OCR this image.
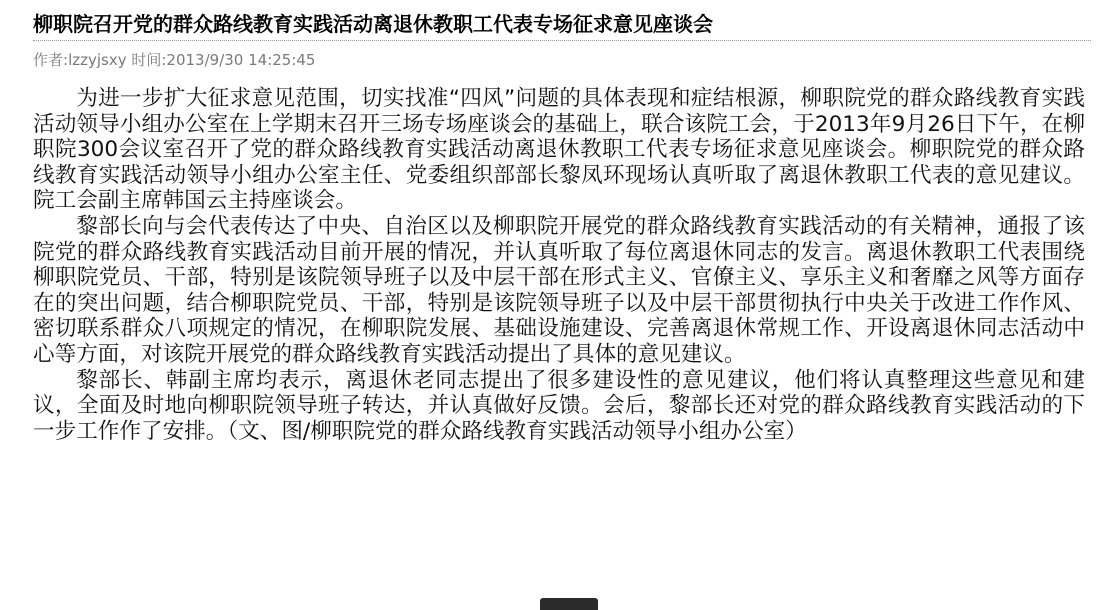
柳职院召开党的群众路线教育实践活动离退休教职工代表专场征求意见座谈会
作者:lzzyjsxy 时间:2013/9/30 14:25:45

为进一步扩大征求意见范围，切实找准“四风”问题的具体表现和症结根源，柳职院党的群众路线教育实践活动领导小组办公室在上学期末召开三场专场座谈会的基础上，联合该院工会，于2013年9月26日下午，在柳职院300会议室召开了党的群众路线教育实践活动离退休教职工代表专场征求意见座谈会。柳职院党的群众路线教育实践活动领导小组办公室主任、党委组织部部长黎凤环现场认真听取了离退休教职工代表的意见建议。院工会副主席韩国云主持座谈会。

黎部长向与会代表传达了中央、自治区以及柳职院开展党的群众路线教育实践活动的有关精神，通报了该院党的群众路线教育实践活动目前开展的情况，并认真听取了每位离退休同志的发言。离退休教职工代表围绕柳职院党员、干部，特别是该院领导班子以及中层干部在形式主义、官僚主义、享乐主义和奢靡之风等方面存在的突出问题，结合柳职院党员、干部，特别是该院领导班子以及中层干部贯彻执行中央关于改进工作作风、密切联系群众八项规定的情况，在柳职院发展、基础设施建设、完善离退休常规工作、开设离退休同志活动中心等方面，对该院开展党的群众路线教育实践活动提出了具体的意见建议。

黎部长、韩副主席均表示，离退休老同志提出了很多建设性的意见建议，他们将认真整理这些意见和建议，全面及时地向柳职院领导班子转达，并认真做好反馈。会后，黎部长还对党的群众路线教育实践活动的下一步工作作了安排。（文、图/柳职院党的群众路线教育实践活动领导小组办公室）
